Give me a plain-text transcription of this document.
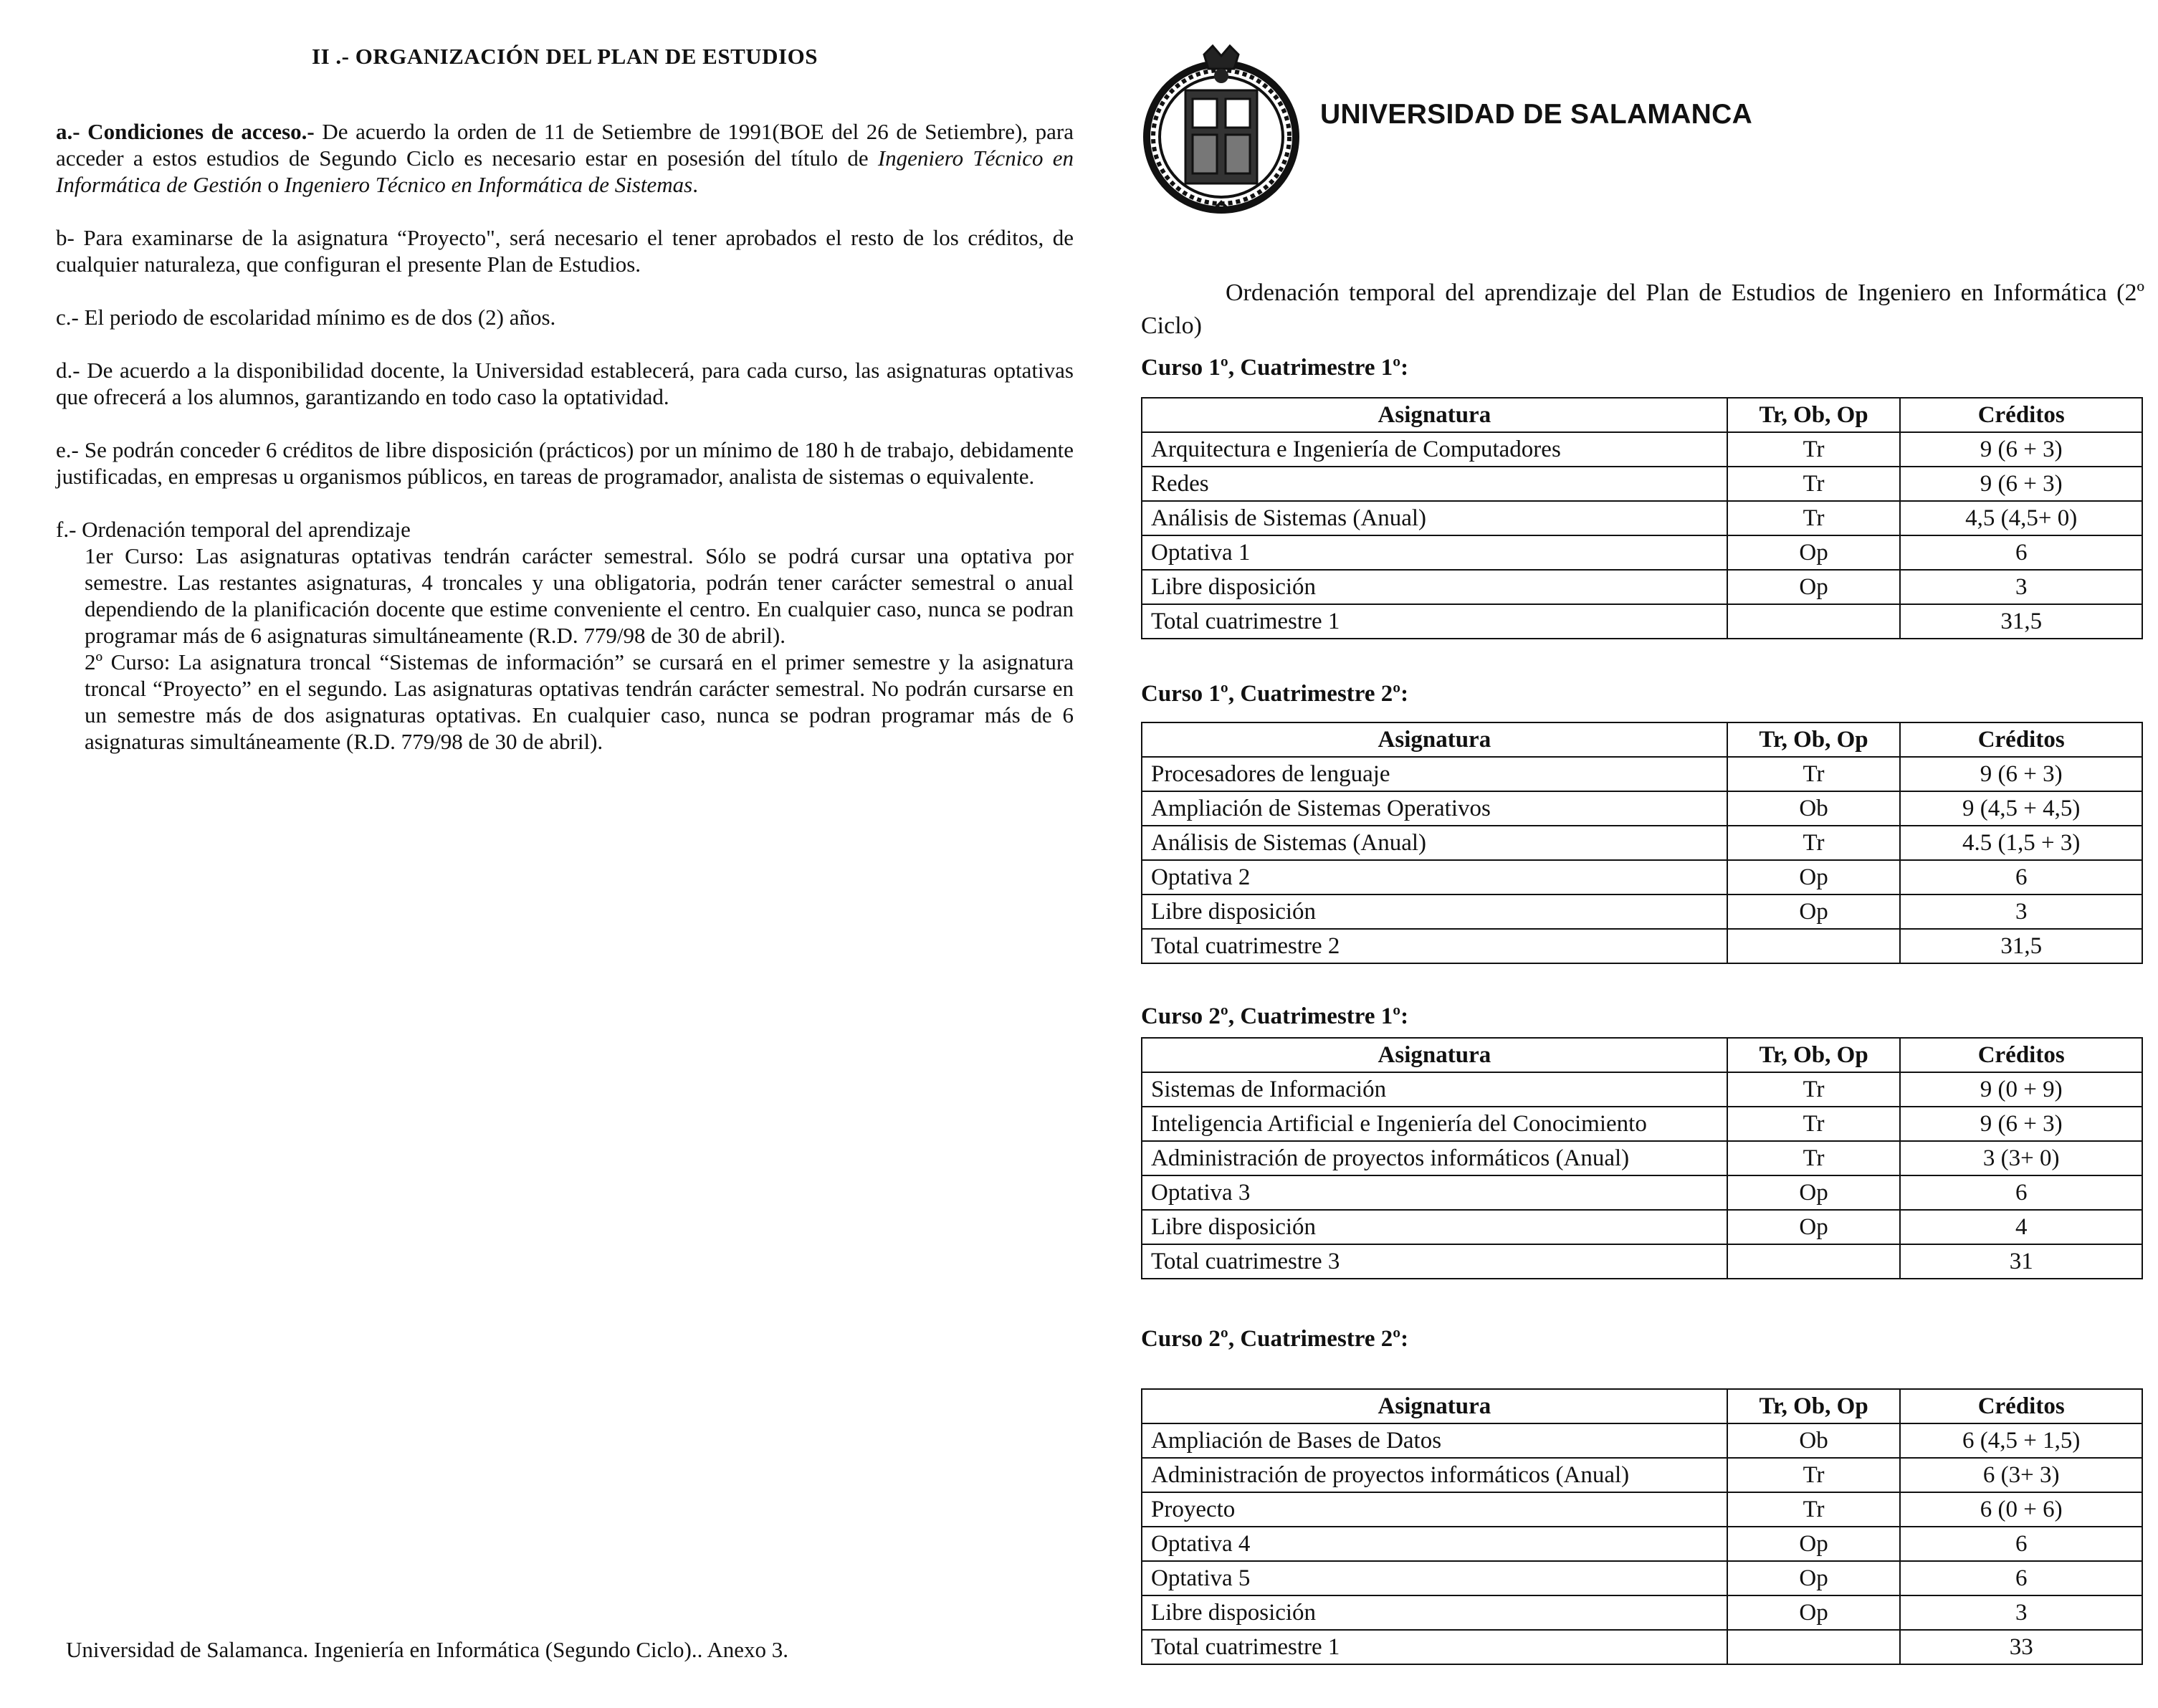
II .- ORGANIZACIÓN DEL PLAN DE ESTUDIOS

a.- Condiciones de acceso.- De acuerdo la orden de 11 de Setiembre de 1991(BOE del 26 de Setiembre), para acceder a estos estudios de Segundo Ciclo es necesario estar en posesión del título de Ingeniero Técnico en Informática de Gestión o Ingeniero Técnico en Informática de Sistemas.

b- Para examinarse de la asignatura “Proyecto", será necesario el tener aprobados el resto de los créditos, de cualquier naturaleza, que configuran el presente Plan de Estudios.

c.- El periodo de escolaridad mínimo es de dos (2) años.

d.- De acuerdo a la disponibilidad docente, la Universidad establecerá, para cada curso, las asignaturas optativas que ofrecerá a los alumnos, garantizando en todo caso la optatividad.

e.- Se podrán conceder 6 créditos de libre disposición (prácticos) por un mínimo de 180 h de trabajo, debidamente justificadas, en empresas u organismos públicos, en tareas de programador, analista de sistemas o equivalente.

f.- Ordenación temporal del aprendizaje

1er Curso: Las asignaturas optativas tendrán carácter semestral. Sólo se podrá cursar una optativa por semestre. Las restantes asignaturas, 4 troncales y una obligatoria, podrán tener carácter semestral o anual dependiendo de la planificación docente que estime conveniente el centro. En cualquier caso, nunca se podran programar más de 6 asignaturas simultáneamente (R.D. 779/98 de 30 de abril).

2º Curso: La asignatura troncal “Sistemas de información” se cursará en el primer semestre y la asignatura troncal “Proyecto” en el segundo. Las asignaturas optativas tendrán carácter semestral. No podrán cursarse en un semestre más de dos asignaturas optativas. En cualquier caso, nunca se podran programar más de 6 asignaturas simultáneamente (R.D. 779/98 de 30 de abril).

Universidad de Salamanca. Ingeniería en Informática (Segundo Ciclo).. Anexo 3.
UNIVERSIDAD DE SALAMANCA

Ordenación temporal del aprendizaje del Plan de Estudios de Ingeniero en Informática (2º Ciclo)

Curso 1º, Cuatrimestre 1º:

Asignatura	Tr, Ob, Op	Créditos
Arquitectura e Ingeniería de Computadores	Tr	9 (6 + 3)
Redes	Tr	9 (6 + 3)
Análisis de Sistemas (Anual)	Tr	4,5 (4,5+ 0)
Optativa 1	Op	6
Libre disposición	Op	3
Total cuatrimestre 1		31,5

Curso 1º, Cuatrimestre 2º:

Asignatura	Tr, Ob, Op	Créditos
Procesadores de lenguaje	Tr	9 (6 + 3)
Ampliación de Sistemas Operativos	Ob	9 (4,5 + 4,5)
Análisis de Sistemas (Anual)	Tr	4.5 (1,5 + 3)
Optativa 2	Op	6
Libre disposición	Op	3
Total cuatrimestre 2		31,5

Curso 2º, Cuatrimestre 1º:

Asignatura	Tr, Ob, Op	Créditos
Sistemas de Información	Tr	9 (0 + 9)
Inteligencia Artificial e Ingeniería del Conocimiento	Tr	9 (6 + 3)
Administración de proyectos informáticos (Anual)	Tr	3 (3+ 0)
Optativa 3	Op	6
Libre disposición	Op	4
Total cuatrimestre 3		31

Curso 2º, Cuatrimestre 2º:

Asignatura	Tr, Ob, Op	Créditos
Ampliación de Bases de Datos	Ob	6 (4,5 + 1,5)
Administración de proyectos informáticos (Anual)	Tr	6 (3+ 3)
Proyecto	Tr	6 (0 + 6)
Optativa 4	Op	6
Optativa 5	Op	6
Libre disposición	Op	3
Total cuatrimestre 1		33
